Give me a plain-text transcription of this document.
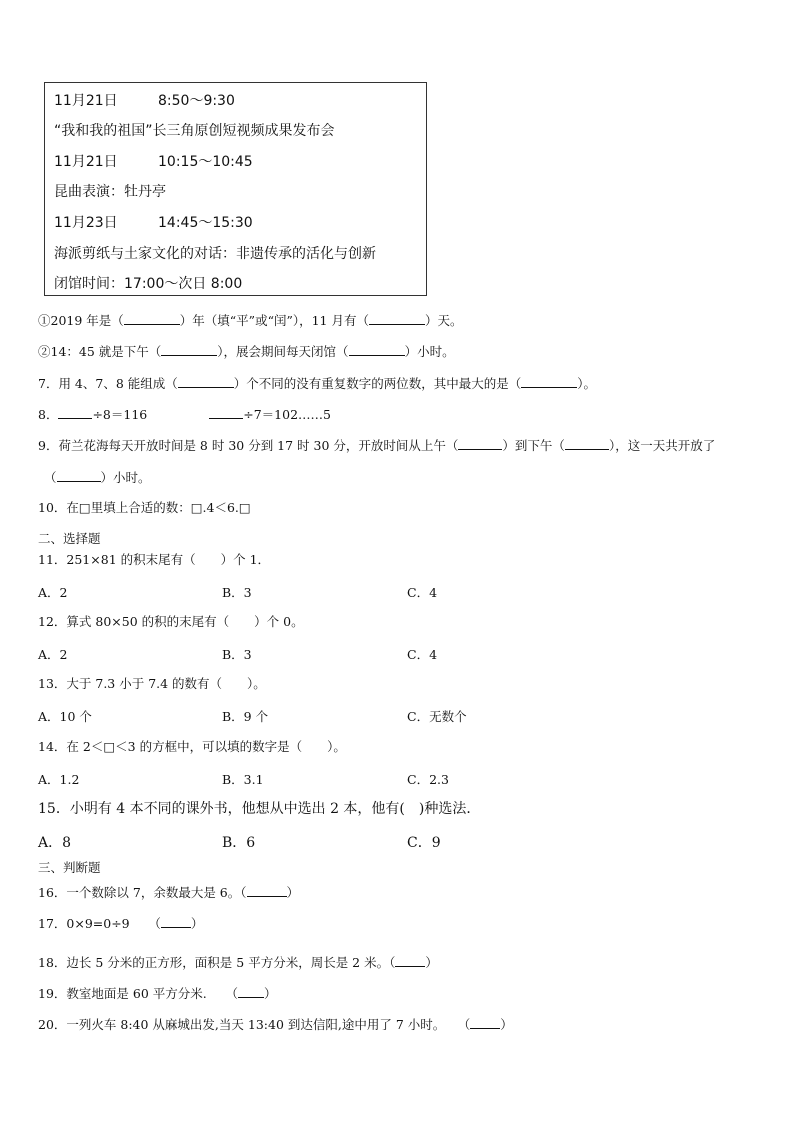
11月21日	8:50～9:30
“我和我的祖国”长三角原创短视频成果发布会
11月21日	10:15～10:45
昆曲表演：牡丹亭
11月23日	14:45～15:30
海派剪纸与土家文化的对话：非遗传承的活化与创新
闭馆时间：17:00～次日 8:00
①2019 年是（	）年（填“平”或“闰”），11 月有（	）天。
②14：45 就是下午（	），展会期间每天闭馆（	）小时。
7．用 4、7、8 能组成（	）个不同的没有重复数字的两位数，其中最大的是（	）。
8．	÷8＝116	÷7＝102……5
9．荷兰花海每天开放时间是 8 时 30 分到 17 时 30 分，开放时间从上午（	）到下午（	），这一天共开放了
（	）小时。
10．在□里填上合适的数：□.4＜6.□
二、选择题
11．251×81 的积末尾有（　　）个 1．
A．2	B．3	C．4
12．算式 80×50 的积的末尾有（　　）个 0。
A．2	B．3	C．4
13．大于 7.3 小于 7.4 的数有（　　）。
A．10 个	B．9 个	C．无数个
14．在 2＜□＜3 的方框中，可以填的数字是（　　）。
A．1.2	B．3.1	C．2.3
15．小明有 4 本不同的课外书，他想从中选出 2 本，他有(　)种选法．
A．8	B．6	C．9
三、判断题
16．一个数除以 7，余数最大是 6。（	）
17．0×9=0÷9　　（ ）
18．边长 5 分米的正方形，面积是 5 平方分米，周长是 2 米。（ ）
19．教室地面是 60 平方分米.　　（ ）
20．一列火车 8:40 从麻城出发,当天 13:40 到达信阳,途中用了 7 小时。　　（ ）
